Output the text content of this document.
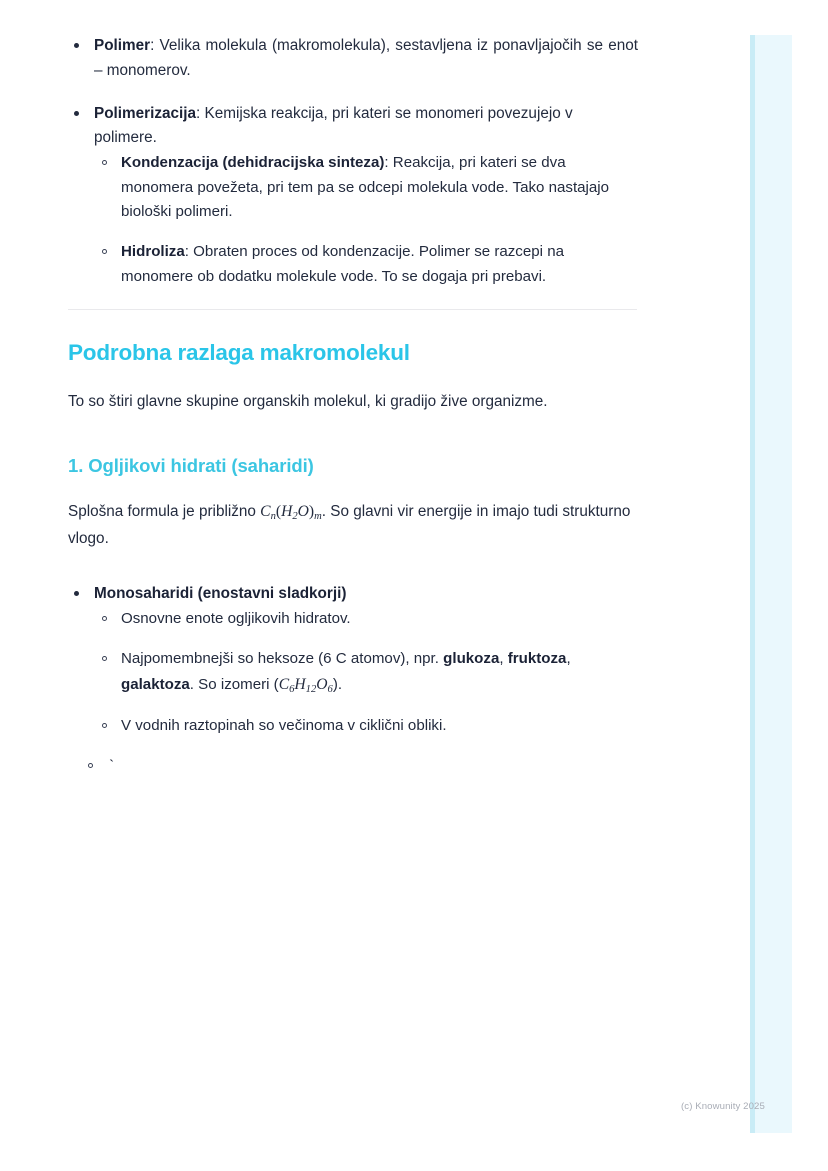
Polimer: Velika molekula (makromolekula), sestavljena iz ponavljajočih se enot – monomerov.
Polimerizacija: Kemijska reakcija, pri kateri se monomeri povezujejo v polimere.
Kondenzacija (dehidracijska sinteza): Reakcija, pri kateri se dva monomera povežeta, pri tem pa se odcepi molekula vode. Tako nastajajo biološki polimeri.
Hidroliza: Obraten proces od kondenzacije. Polimer se razcepi na monomere ob dodatku molekule vode. To se dogaja pri prebavi.
Podrobna razlaga makromolekul

To so štiri glavne skupine organskih molekul, ki gradijo žive organizme.

1. Ogljikovi hidrati (saharidi)

Splošna formula je približno $C_n(H_2O)_m$. So glavni vir energije in imajo tudi strukturno vlogo.

Monosaharidi (enostavni sladkorji)
Osnovne enote ogljikovih hidratov.
Najpomembnejši so heksoze (6 C atomov), npr. glukoza, fruktoza, galaktoza. So izomeri $(C_6H_{12}O_6)$.
V vodnih raztopinah so večinoma v ciklični obliki.
`
(c) Knowunity 2025
